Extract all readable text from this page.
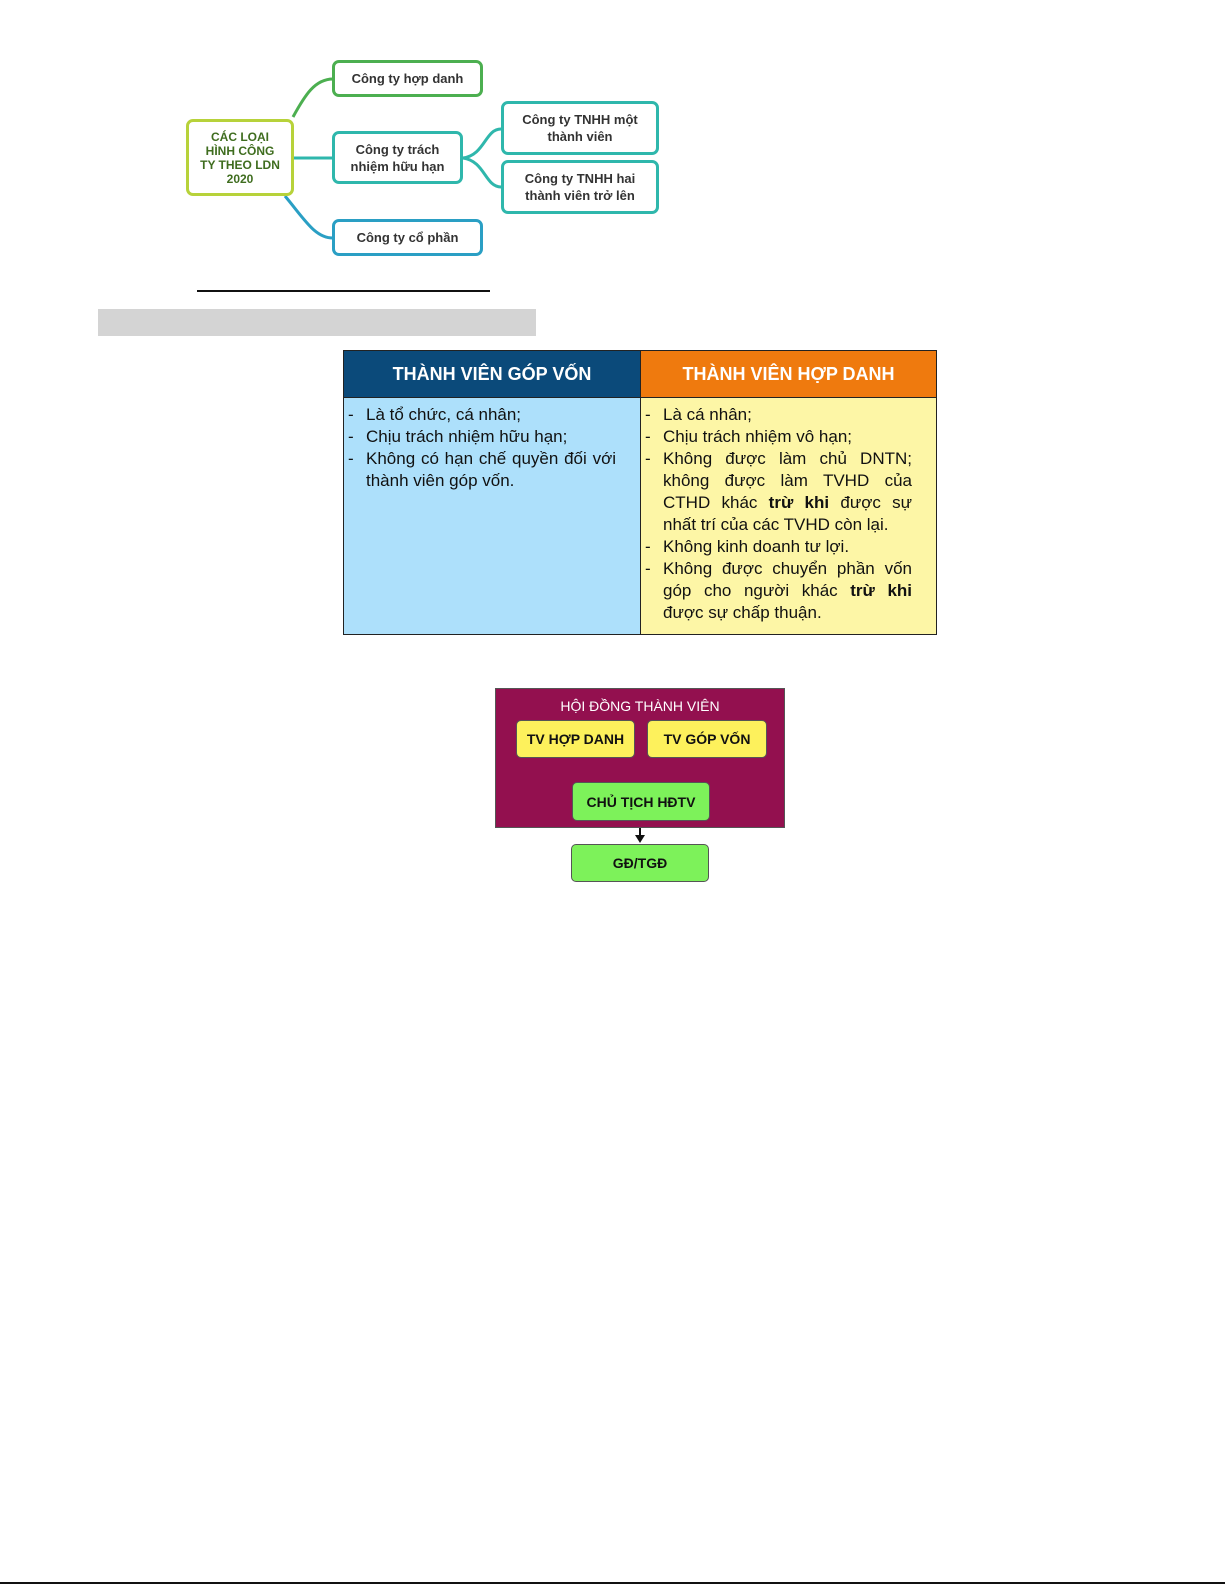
CÁC LOẠI
HÌNH CÔNG
TY THEO LDN
2020
Công ty hợp danh
Công ty trách
nhiệm hữu hạn
Công ty TNHH một
thành viên
Công ty TNHH hai
thành viên trở lên
Công ty cổ phần
THÀNH VIÊN GÓP VỐN	THÀNH VIÊN HỢP DANH
- Là tổ chức, cá nhân;
- Chịu trách nhiệm hữu hạn;
- Không có hạn chế quyền đối với thành viên góp vốn.
- Là cá nhân;
- Chịu trách nhiệm vô hạn;
- Không được làm chủ DNTN; không được làm TVHD của CTHD khác trừ khi được sự nhất trí của các TVHD còn lại.
- Không kinh doanh tư lợi.
- Không được chuyển phần vốn góp cho người khác trừ khi được sự chấp thuận.
HỘI ĐỒNG THÀNH VIÊN
TV HỢP DANH	TV GÓP VỐN
CHỦ TỊCH HĐTV
GĐ/TGĐ
